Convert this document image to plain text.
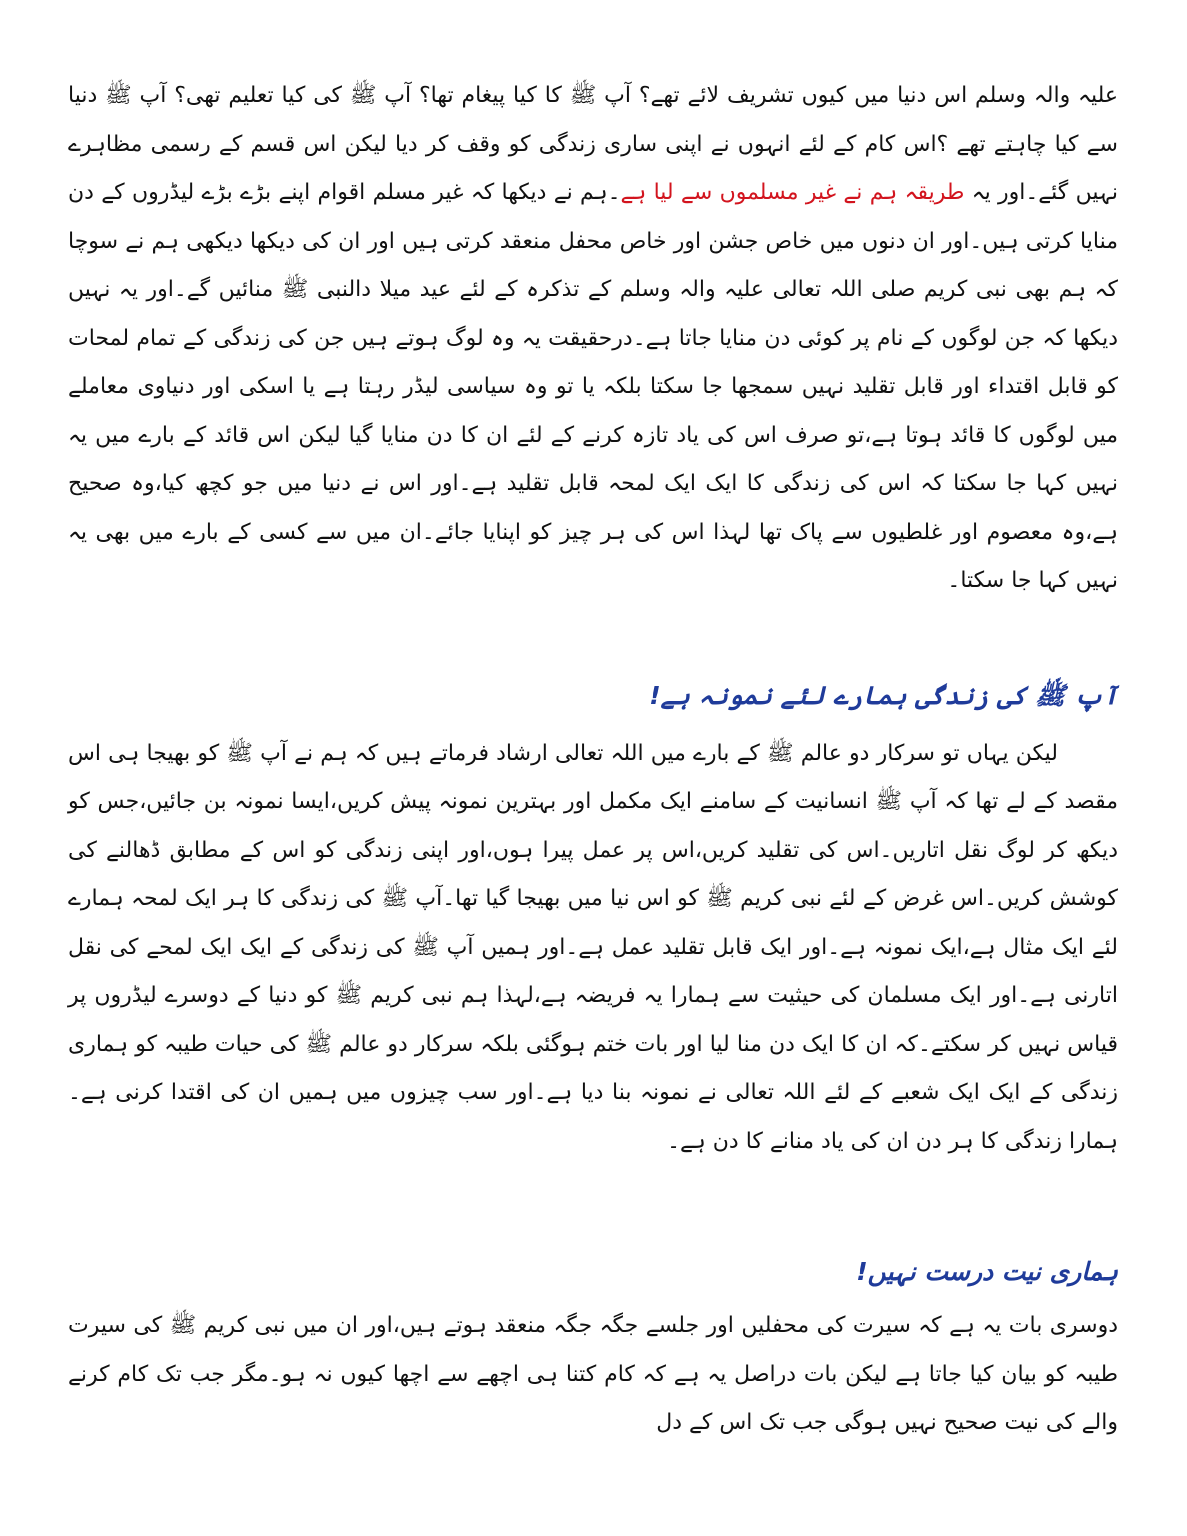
علیہ والہ وسلم اس دنیا میں کیوں تشریف لائے تھے؟ آپ ﷺ کا کیا پیغام تھا؟ آپ ﷺ کی کیا تعلیم تھی؟ آپ ﷺ دنیا سے کیا چاہتے تھے ؟اس کام کے لئے انہوں نے اپنی ساری زندگی کو وقف کر دیا لیکن اس قسم کے رسمی مظاہرے نہیں گئے۔اور یہ طریقہ ہم نے غیر مسلموں سے لیا ہے۔ہم نے دیکھا کہ غیر مسلم اقوام اپنے بڑے بڑے لیڈروں کے دن منایا کرتی ہیں۔اور ان دنوں میں خاص جشن اور خاص محفل منعقد کرتی ہیں اور ان کی دیکھا دیکھی ہم نے سوچا کہ ہم بھی نبی کریم صلی اللہ تعالی علیہ والہ وسلم کے تذکرہ کے لئے عید میلا دالنبی ﷺ منائیں گے۔اور یہ نہیں دیکھا کہ جن لوگوں کے نام پر کوئی دن منایا جاتا ہے۔درحقیقت یہ وہ لوگ ہوتے ہیں جن کی زندگی کے تمام لمحات کو قابل اقتداء اور قابل تقلید نہیں سمجھا جا سکتا بلکہ یا تو وہ سیاسی لیڈر رہتا ہے یا اسکی اور دنیاوی معاملے میں لوگوں کا قائد ہوتا ہے،تو صرف اس کی یاد تازہ کرنے کے لئے ان کا دن منایا گیا لیکن اس قائد کے بارے میں یہ نہیں کہا جا سکتا کہ اس کی زندگی کا ایک ایک لمحہ قابل تقلید ہے۔اور اس نے دنیا میں جو کچھ کیا،وہ صحیح ہے،وہ معصوم اور غلطیوں سے پاک تھا لہذا اس کی ہر چیز کو اپنایا جائے۔ان میں سے کسی کے بارے میں بھی یہ نہیں کہا جا سکتا۔

آپ ﷺ کی زندگی ہمارے لئے نمونہ ہے!

لیکن یہاں تو سرکار دو عالم ﷺ کے بارے میں اللہ تعالی ارشاد فرماتے ہیں کہ ہم نے آپ ﷺ کو بھیجا ہی اس مقصد کے لے تھا کہ آپ ﷺ انسانیت کے سامنے ایک مکمل اور بہترین نمونہ پیش کریں،ایسا نمونہ بن جائیں،جس کو دیکھ کر لوگ نقل اتاریں۔اس کی تقلید کریں،اس پر عمل پیرا ہوں،اور اپنی زندگی کو اس کے مطابق ڈھالنے کی کوشش کریں۔اس غرض کے لئے نبی کریم ﷺ کو اس نیا میں بھیجا گیا تھا۔آپ ﷺ کی زندگی کا ہر ایک لمحہ ہمارے لئے ایک مثال ہے،ایک نمونہ ہے۔اور ایک قابل تقلید عمل ہے۔اور ہمیں آپ ﷺ کی زندگی کے ایک ایک لمحے کی نقل اتارنی ہے۔اور ایک مسلمان کی حیثیت سے ہمارا یہ فریضہ ہے،لہذا ہم نبی کریم ﷺ کو دنیا کے دوسرے لیڈروں پر قیاس نہیں کر سکتے۔کہ ان کا ایک دن منا لیا اور بات ختم ہوگئی بلکہ سرکار دو عالم ﷺ کی حیات طیبہ کو ہماری زندگی کے ایک ایک شعبے کے لئے اللہ تعالی نے نمونہ بنا دیا ہے۔اور سب چیزوں میں ہمیں ان کی اقتدا کرنی ہے۔ہمارا زندگی کا ہر دن ان کی یاد منانے کا دن ہے۔

ہماری نیت درست نہیں!

دوسری بات یہ ہے کہ سیرت کی محفلیں اور جلسے جگہ جگہ منعقد ہوتے ہیں،اور ان میں نبی کریم ﷺ کی سیرت طیبہ کو بیان کیا جاتا ہے لیکن بات دراصل یہ ہے کہ کام کتنا ہی اچھے سے اچھا کیوں نہ ہو۔مگر جب تک کام کرنے والے کی نیت صحیح نہیں ہوگی جب تک اس کے دل
